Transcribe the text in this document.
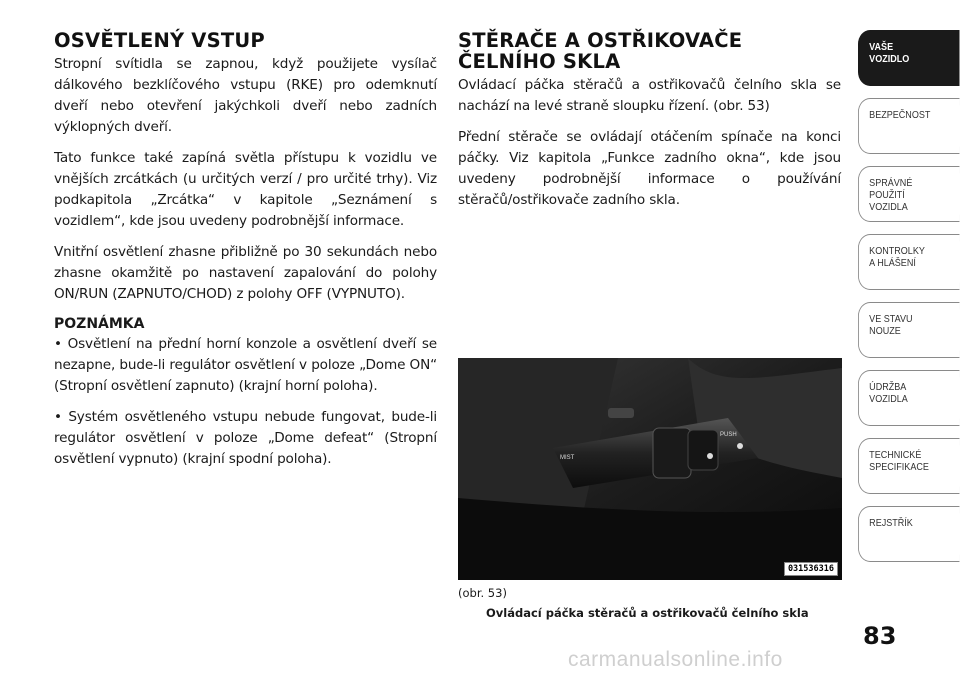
OSVĚTLENÝ VSTUP

Stropní svítidla se zapnou, když použijete vysílač dálkového bezklíčového vstupu (RKE) pro odemknutí dveří nebo otevření jakýchkoli dveří nebo zadních výklopných dveří.

Tato funkce také zapíná světla přístupu k vozidlu ve vnějších zrcátkách (u určitých verzí / pro určité trhy). Viz podkapitola „Zrcátka“ v kapitole „Seznámení s vozidlem“, kde jsou uvedeny podrobnější informace.

Vnitřní osvětlení zhasne přibližně po 30 sekundách nebo zhasne okamžitě po nastavení zapalování do polohy ON/RUN (ZAPNUTO/CHOD) z polohy OFF (VYPNUTO).

POZNÁMKA

• Osvětlení na přední horní konzole a osvětlení dveří se nezapne, bude-li regulátor osvětlení v poloze „Dome ON“ (Stropní osvětlení zapnuto) (krajní horní poloha).

• Systém osvětleného vstupu nebude fungovat, bude-li regulátor osvětlení v poloze „Dome defeat“ (Stropní osvětlení vypnuto) (krajní spodní poloha).

STĚRAČE A OSTŘIKOVAČE ČELNÍHO SKLA

Ovládací páčka stěračů a ostřikovačů čelního skla se nachází na levé straně sloupku řízení. (obr. 53)

Přední stěrače se ovládají otáčením spínače na konci páčky. Viz kapitola „Funkce zadního okna“, kde jsou uvedeny podrobnější informace o používání stěračů/ostřikovače zadního skla.

MIST
PUSH
031536316
(obr. 53)
Ovládací páčka stěračů a ostřikovačů čelního skla
VAŠE
VOZIDLO
BEZPEČNOST
SPRÁVNÉ
POUŽITÍ
VOZIDLA
KONTROLKY
A HLÁŠENÍ
VE STAVU
NOUZE
ÚDRŽBA
VOZIDLA
TECHNICKÉ
SPECIFIKACE
REJSTŘÍK
83
carmanualsonline.info
